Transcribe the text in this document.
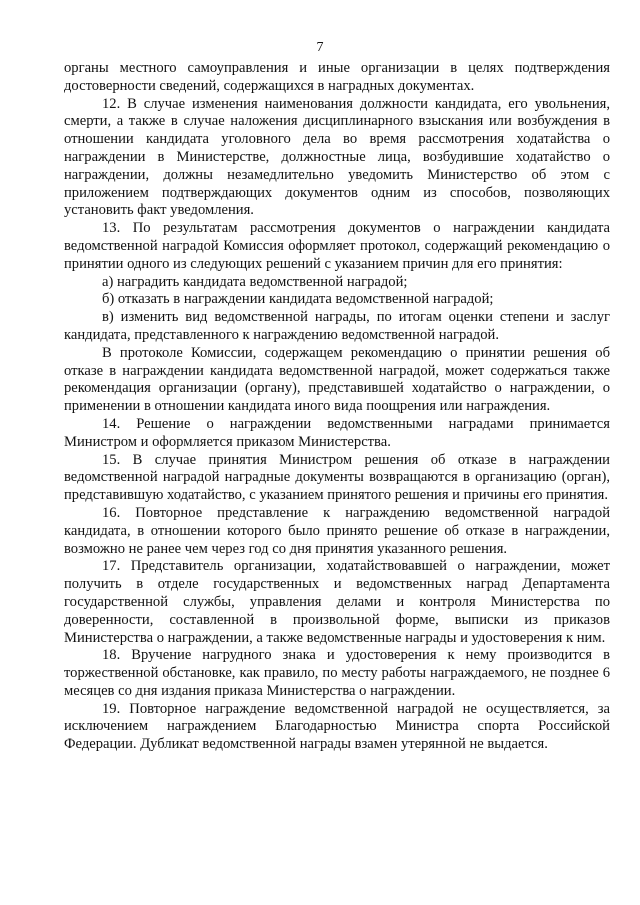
7

органы местного самоуправления и иные организации в целях подтверждения достоверности сведений, содержащихся в наградных документах.

12. В случае изменения наименования должности кандидата, его увольнения, смерти, а также в случае наложения дисциплинарного взыскания или возбуждения в отношении кандидата уголовного дела во время рассмотрения ходатайства о награждении в Министерстве, должностные лица, возбудившие ходатайство о награждении, должны незамедлительно уведомить Министерство об этом с приложением подтверждающих документов одним из способов, позволяющих установить факт уведомления.

13. По результатам рассмотрения документов о награждении кандидата ведомственной наградой Комиссия оформляет протокол, содержащий рекомендацию о принятии одного из следующих решений с указанием причин для его принятия:

а) наградить кандидата ведомственной наградой;

б) отказать в награждении кандидата ведомственной наградой;

в) изменить вид ведомственной награды, по итогам оценки степени и заслуг кандидата, представленного к награждению ведомственной наградой.

В протоколе Комиссии, содержащем рекомендацию о принятии решения об отказе в награждении кандидата ведомственной наградой, может содержаться также рекомендация организации (органу), представившей ходатайство о награждении, о применении в отношении кандидата иного вида поощрения или награждения.

14. Решение о награждении ведомственными наградами принимается Министром и оформляется приказом Министерства.

15. В случае принятия Министром решения об отказе в награждении ведомственной наградой наградные документы возвращаются в организацию (орган), представившую ходатайство, с указанием принятого решения и причины его принятия.

16. Повторное представление к награждению ведомственной наградой кандидата, в отношении которого было принято решение об отказе в награждении, возможно не ранее чем через год со дня принятия указанного решения.

17. Представитель организации, ходатайствовавшей о награждении, может получить в отделе государственных и ведомственных наград Департамента государственной службы, управления делами и контроля Министерства по доверенности, составленной в произвольной форме, выписки из приказов Министерства о награждении, а также ведомственные награды и удостоверения к ним.

18. Вручение нагрудного знака и удостоверения к нему производится в торжественной обстановке, как правило, по месту работы награждаемого, не позднее 6 месяцев со дня издания приказа Министерства о награждении.

19. Повторное награждение ведомственной наградой не осуществляется, за исключением награждением Благодарностью Министра спорта Российской Федерации. Дубликат ведомственной награды взамен утерянной не выдается.
